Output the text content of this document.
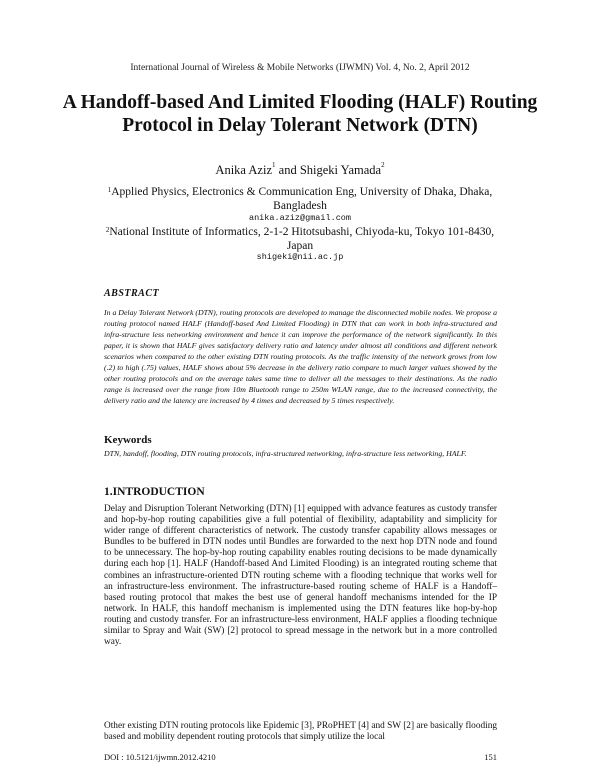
International Journal of Wireless & Mobile Networks (IJWMN) Vol. 4, No. 2, April 2012
A Handoff-based And Limited Flooding (HALF) Routing Protocol in Delay Tolerant Network (DTN)
Anika Aziz$^1$ and Shigeki Yamada$^2$
$^1$Applied Physics, Electronics & Communication Eng, University of Dhaka, Dhaka, Bangladesh
anika.aziz@gmail.com
$^2$National Institute of Informatics, 2-1-2 Hitotsubashi, Chiyoda-ku, Tokyo 101-8430, Japan
shigeki@nii.ac.jp
ABSTRACT
In a Delay Tolerant Network (DTN), routing protocols are developed to manage the disconnected mobile nodes. We propose a routing protocol named HALF (Handoff-based And Limited Flooding) in DTN that can work in both infra-structured and infra-structure less networking environment and hence it can improve the performance of the network significantly. In this paper, it is shown that HALF gives satisfactory delivery ratio and latency under almost all conditions and different network scenarios when compared to the other existing DTN routing protocols. As the traffic intensity of the network grows from low (.2) to high (.75) values, HALF shows about 5% decrease in the delivery ratio compare to much larger values showed by the other routing protocols and on the average takes same time to deliver all the messages to their destinations. As the radio range is increased over the range from 10m Bluetooth range to 250m WLAN range, due to the increased connectivity, the delivery ratio and the latency are increased by 4 times and decreased by 5 times respectively.
Keywords
DTN, handoff, flooding, DTN routing protocols, infra-structured networking, infra-structure less networking, HALF.
1.INTRODUCTION
Delay and Disruption Tolerant Networking (DTN) [1] equipped with advance features as custody transfer and hop-by-hop routing capabilities give a full potential of flexibility, adaptability and simplicity for wider range of different characteristics of network. The custody transfer capability allows messages or Bundles to be buffered in DTN nodes until Bundles are forwarded to the next hop DTN node and found to be unnecessary. The hop-by-hop routing capability enables routing decisions to be made dynamically during each hop [1]. HALF (Handoff-based And Limited Flooding) is an integrated routing scheme that combines an infrastructure-oriented DTN routing scheme with a flooding technique that works well for an infrastructure-less environment. The infrastructure-based routing scheme of HALF is a Handoff–based routing protocol that makes the best use of general handoff mechanisms intended for the IP network. In HALF, this handoff mechanism is implemented using the DTN features like hop-by-hop routing and custody transfer. For an infrastructure-less environment, HALF applies a flooding technique similar to Spray and Wait (SW) [2] protocol to spread message in the network but in a more controlled way.
Other existing DTN routing protocols like Epidemic [3], PRoPHET [4] and SW [2] are basically flooding based and mobility dependent routing protocols that simply utilize the local
DOI : 10.5121/ijwmn.2012.4210	151
